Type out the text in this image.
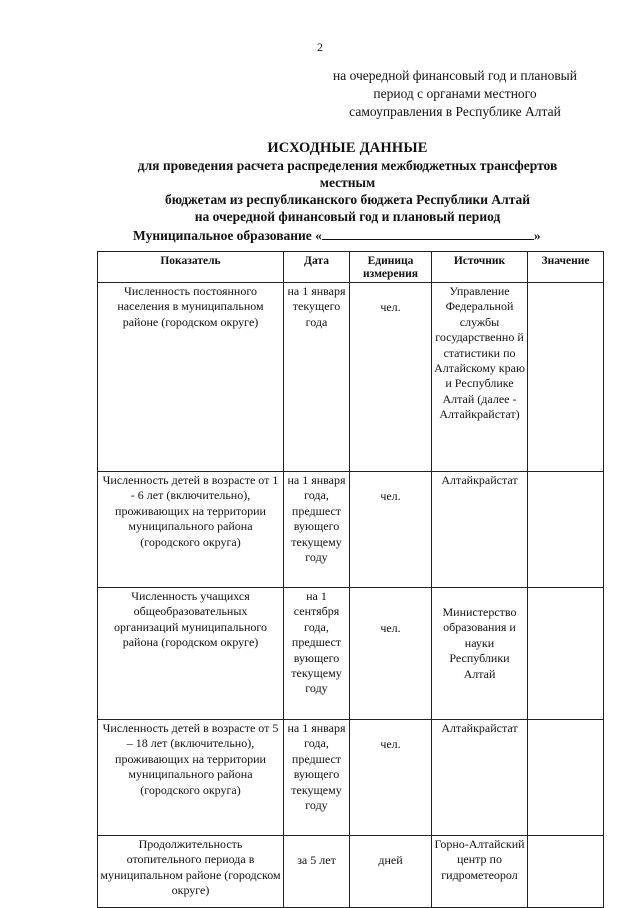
2
на очередной финансовый год и плановый
период с органами местного
самоуправления в Республике Алтай
ИСХОДНЫЕ ДАННЫЕ
для проведения расчета распределения межбюджетных трансфертов
местным
бюджетам из республиканского бюджета Республики Алтай
на очередной финансовый год и плановый период
Муниципальное образование «	»
Показатель	Дата	Единица измерения	Источник	Значение
Численность постоянного населения в муниципальном районе (городском округе)	на 1 января текущего года	чел.	Управление Федеральной службы государственно й статистики по Алтайскому краю и Республике Алтай (далее - Алтайкрайстат)	
Численность детей в возрасте от 1 - 6 лет (включительно), проживающих на территории муниципального района (городского округа)	на 1 января года, предшест вующего текущему году	чел.	Алтайкрайстат	
Численность учащихся общеобразовательных организаций муниципального района (городском округе)	на 1 сентября года, предшест вующего текущему году	чел.	Министерство образования и науки Республики Алтай	
Численность детей в возрасте от 5 – 18 лет (включительно), проживающих на территории муниципального района (городского округа)	на 1 января года, предшест вующего текущему году	чел.	Алтайкрайстат	
Продолжительность отопительного периода в муниципальном районе (городском округе)	за 5 лет	дней	Горно-Алтайский центр по гидрометеорол	
